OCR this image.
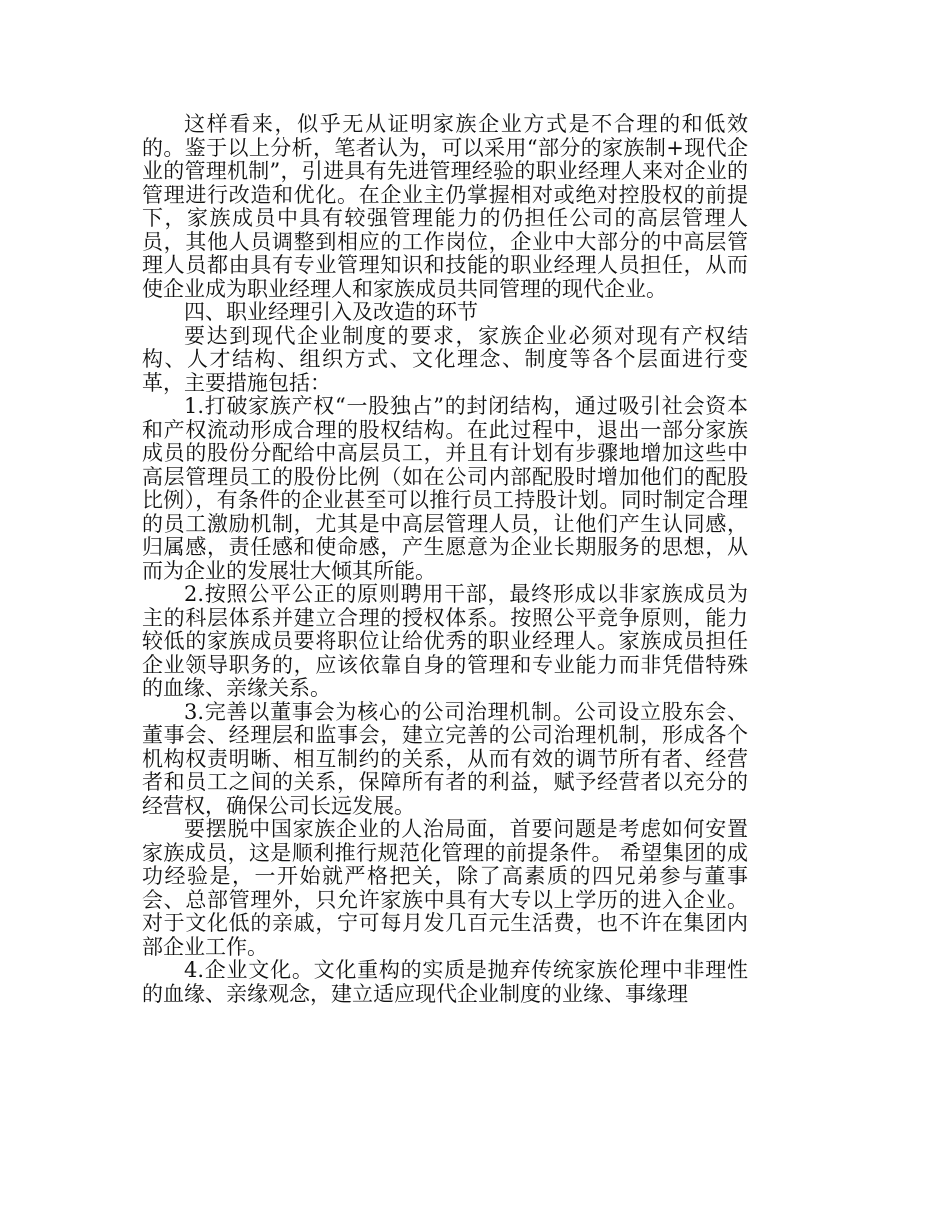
这样看来，似乎无从证明家族企业方式是不合理的和低效的。鉴于以上分析，笔者认为，可以采用“部分的家族制+现代企业的管理机制”，引进具有先进管理经验的职业经理人来对企业的管理进行改造和优化。在企业主仍掌握相对或绝对控股权的前提下，家族成员中具有较强管理能力的仍担任公司的高层管理人员，其他人员调整到相应的工作岗位，企业中大部分的中高层管理人员都由具有专业管理知识和技能的职业经理人员担任，从而使企业成为职业经理人和家族成员共同管理的现代企业。

四、职业经理引入及改造的环节

要达到现代企业制度的要求，家族企业必须对现有产权结构、人才结构、组织方式、文化理念、制度等各个层面进行变革，主要措施包括：

1.打破家族产权“一股独占”的封闭结构，通过吸引社会资本和产权流动形成合理的股权结构。在此过程中，退出一部分家族成员的股份分配给中高层员工，并且有计划有步骤地增加这些中高层管理员工的股份比例（如在公司内部配股时增加他们的配股比例），有条件的企业甚至可以推行员工持股计划。同时制定合理的员工激励机制，尤其是中高层管理人员，让他们产生认同感，归属感，责任感和使命感，产生愿意为企业长期服务的思想，从而为企业的发展壮大倾其所能。

2.按照公平公正的原则聘用干部，最终形成以非家族成员为主的科层体系并建立合理的授权体系。按照公平竞争原则，能力较低的家族成员要将职位让给优秀的职业经理人。家族成员担任企业领导职务的，应该依靠自身的管理和专业能力而非凭借特殊的血缘、亲缘关系。

3.完善以董事会为核心的公司治理机制。公司设立股东会、董事会、经理层和监事会，建立完善的公司治理机制，形成各个机构权责明晰、相互制约的关系，从而有效的调节所有者、经营者和员工之间的关系，保障所有者的利益，赋予经营者以充分的经营权，确保公司长远发展。

要摆脱中国家族企业的人治局面，首要问题是考虑如何安置家族成员，这是顺利推行规范化管理的前提条件。 希望集团的成功经验是，一开始就严格把关，除了高素质的四兄弟参与董事会、总部管理外，只允许家族中具有大专以上学历的进入企业。对于文化低的亲戚，宁可每月发几百元生活费，也不许在集团内部企业工作。

4.企业文化。文化重构的实质是抛弃传统家族伦理中非理性的血缘、亲缘观念，建立适应现代企业制度的业缘、事缘理
